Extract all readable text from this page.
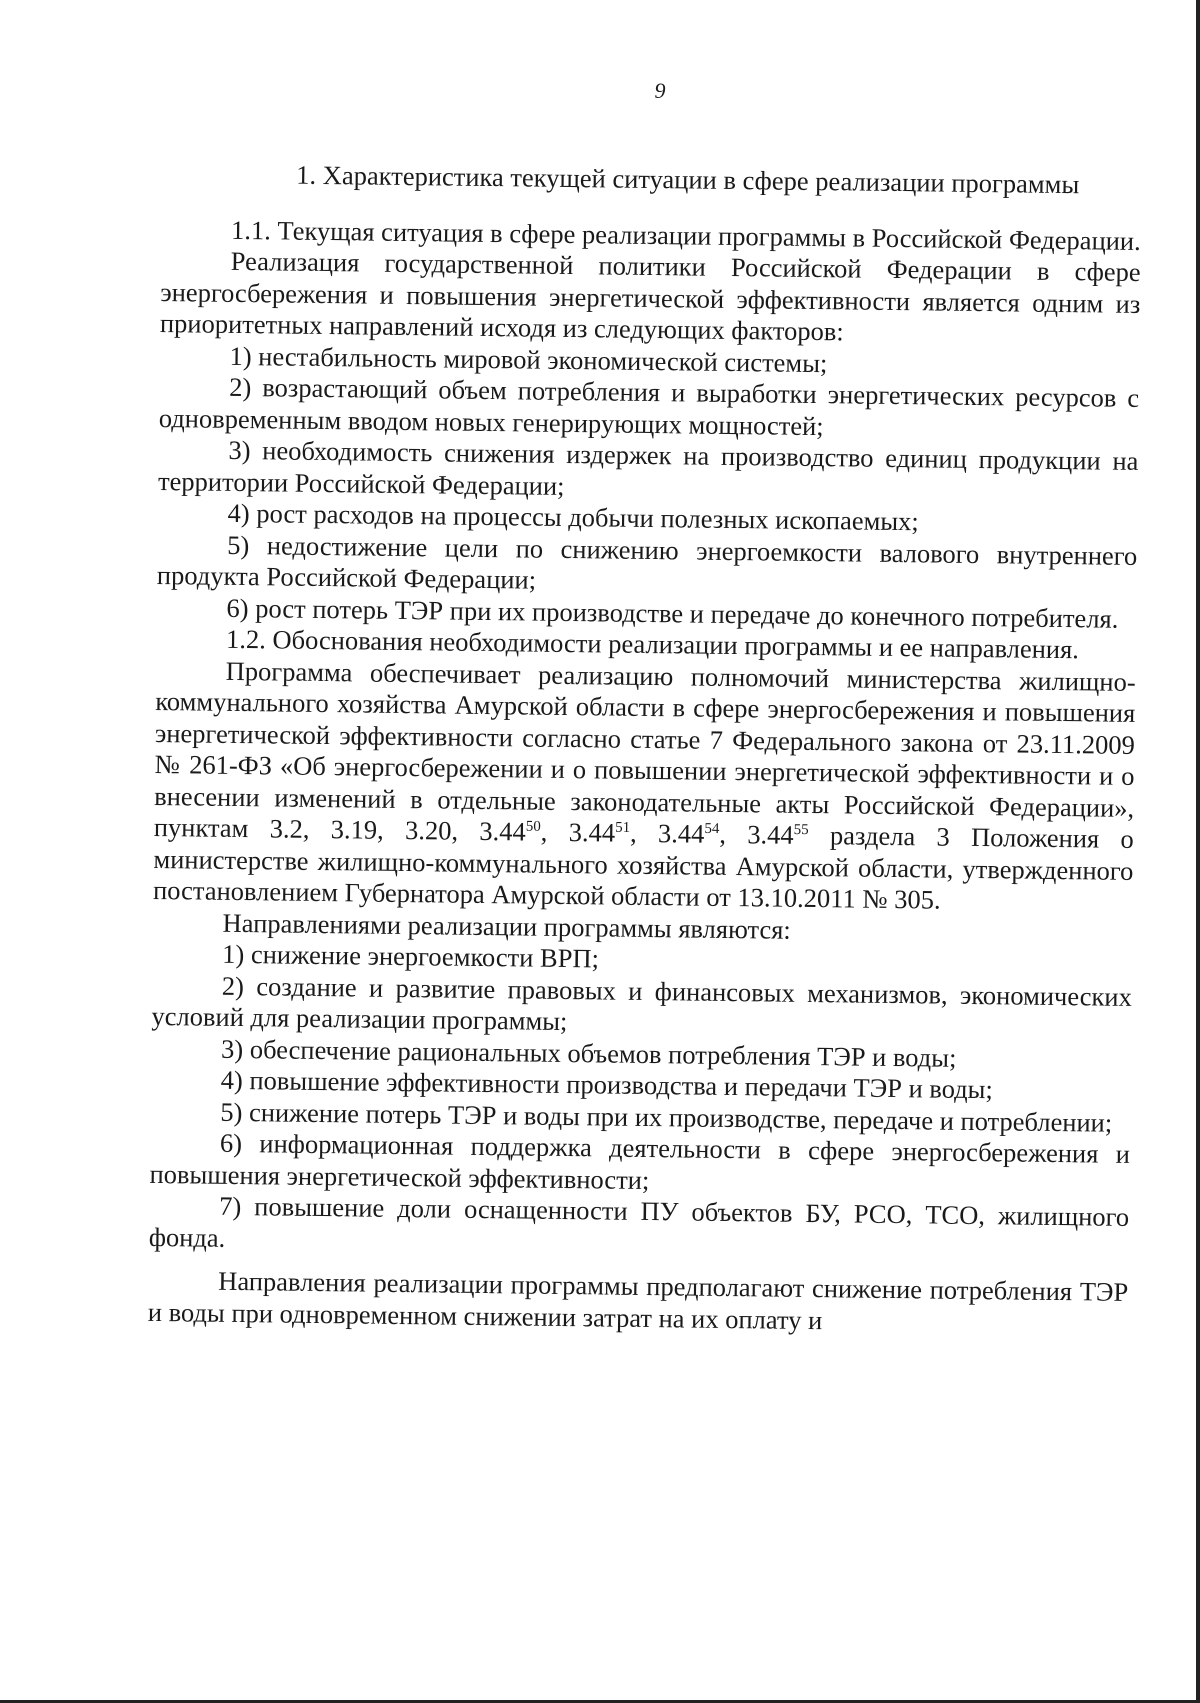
9
1. Характеристика текущей ситуации в сфере реализации программы

1.1. Текущая ситуация в сфере реализации программы в Российской Федерации.

Реализация государственной политики Российской Федерации в сфере энергосбережения и повышения энергетической эффективности является одним из приоритетных направлений исходя из следующих факторов:

1) нестабильность мировой экономической системы;

2) возрастающий объем потребления и выработки энергетических ресурсов с одновременным вводом новых генерирующих мощностей;

3) необходимость снижения издержек на производство единиц продукции на территории Российской Федерации;

4) рост расходов на процессы добычи полезных ископаемых;

5) недостижение цели по снижению энергоемкости валового внутреннего продукта Российской Федерации;

6) рост потерь ТЭР при их производстве и передаче до конечного потребителя.

1.2. Обоснования необходимости реализации программы и ее направления.

Программа обеспечивает реализацию полномочий министерства жилищно-коммунального хозяйства Амурской области в сфере энергосбережения и повышения энергетической эффективности согласно статье 7 Федерального закона от 23.11.2009 № 261-ФЗ «Об энергосбережении и о повышении энергетической эффективности и о внесении изменений в отдельные законодательные акты Российской Федерации», пунктам 3.2, 3.19, 3.20, 3.44$^{50}$, 3.44$^{51}$, 3.44$^{54}$, 3.44$^{55}$ раздела 3 Положения о министерстве жилищно-коммунального хозяйства Амурской области, утвержденного постановлением Губернатора Амурской области от 13.10.2011 № 305.

Направлениями реализации программы являются:

1) снижение энергоемкости ВРП;

2) создание и развитие правовых и финансовых механизмов, экономических условий для реализации программы;

3) обеспечение рациональных объемов потребления ТЭР и воды;

4) повышение эффективности производства и передачи ТЭР и воды;

5) снижение потерь ТЭР и воды при их производстве, передаче и потреблении;

6) информационная поддержка деятельности в сфере энергосбережения и повышения энергетической эффективности;

7) повышение доли оснащенности ПУ объектов БУ, РСО, ТСО, жилищного фонда.

Направления реализации программы предполагают снижение потребления ТЭР и воды при одновременном снижении затрат на их оплату и
